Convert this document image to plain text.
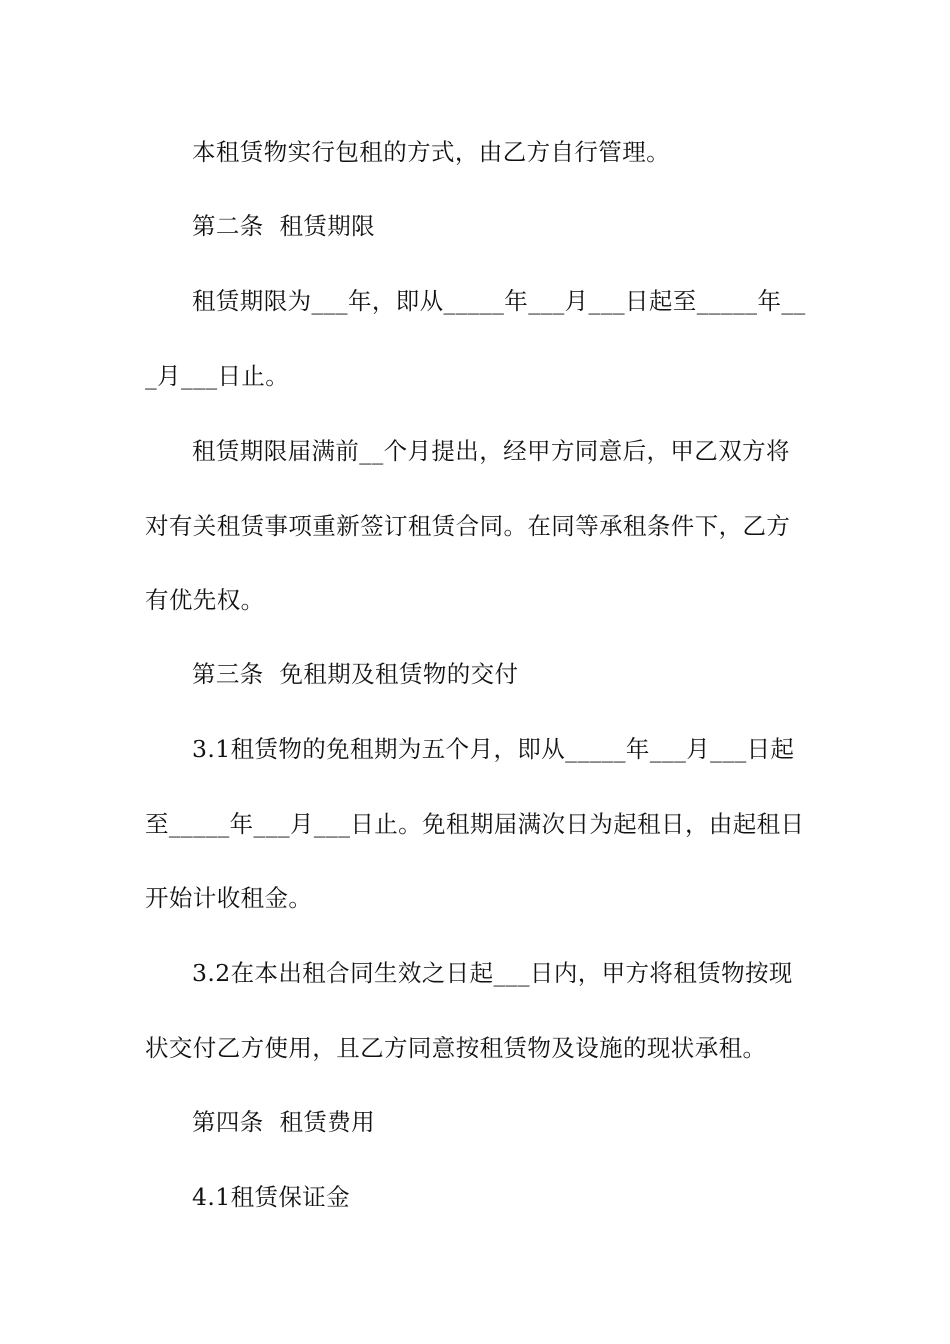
本租赁物实行包租的方式，由乙方自行管理。
第二条  租赁期限
租赁期限为___年，即从_____年___月___日起至_____年__
_月___日止。
租赁期限届满前__个月提出，经甲方同意后，甲乙双方将
对有关租赁事项重新签订租赁合同。在同等承租条件下，乙方
有优先权。
第三条  免租期及租赁物的交付
3.1租赁物的免租期为五个月，即从_____年___月___日起
至_____年___月___日止。免租期届满次日为起租日，由起租日
开始计收租金。
3.2在本出租合同生效之日起___日内，甲方将租赁物按现
状交付乙方使用，且乙方同意按租赁物及设施的现状承租。
第四条  租赁费用
4.1租赁保证金
